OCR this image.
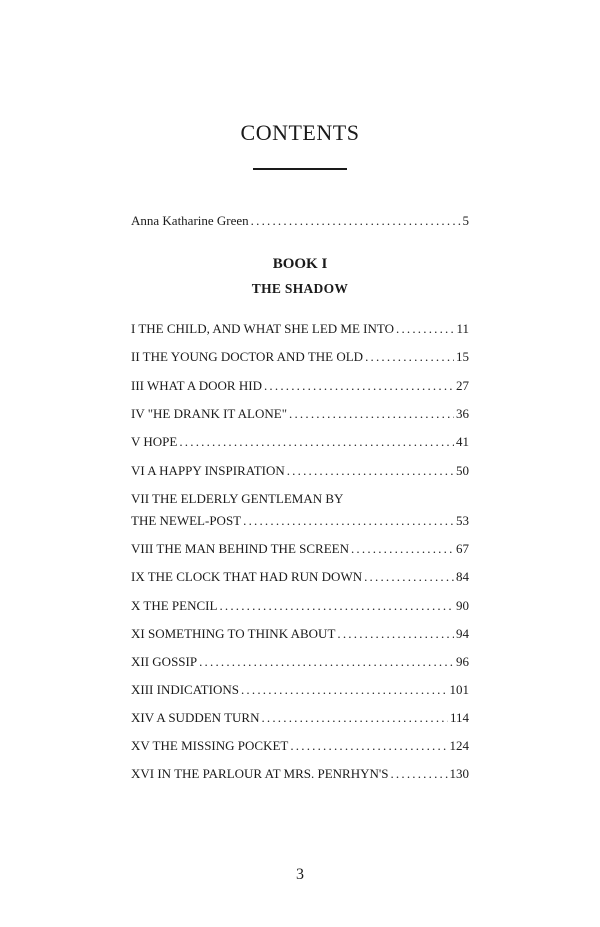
CONTENTS
Anna Katharine Green .....	5
BOOK I
THE SHADOW
I THE CHILD, AND WHAT SHE LED ME INTO .....	11
II THE YOUNG DOCTOR AND THE OLD .....	15
III WHAT A DOOR HID .....	27
IV "HE DRANK IT ALONE" .....	36
V HOPE .....	41
VI A HAPPY INSPIRATION .....	50
VII THE ELDERLY GENTLEMAN BY
THE NEWEL-POST .....	53
VIII THE MAN BEHIND THE SCREEN .....	67
IX THE CLOCK THAT HAD RUN DOWN .....	84
X THE PENCIL .....	90
XI SOMETHING TO THINK ABOUT .....	94
XII GOSSIP .....	96
XIII INDICATIONS .....	101
XIV A SUDDEN TURN .....	114
XV THE MISSING POCKET .....	124
XVI IN THE PARLOUR AT MRS. PENRHYN'S .....	130
3
